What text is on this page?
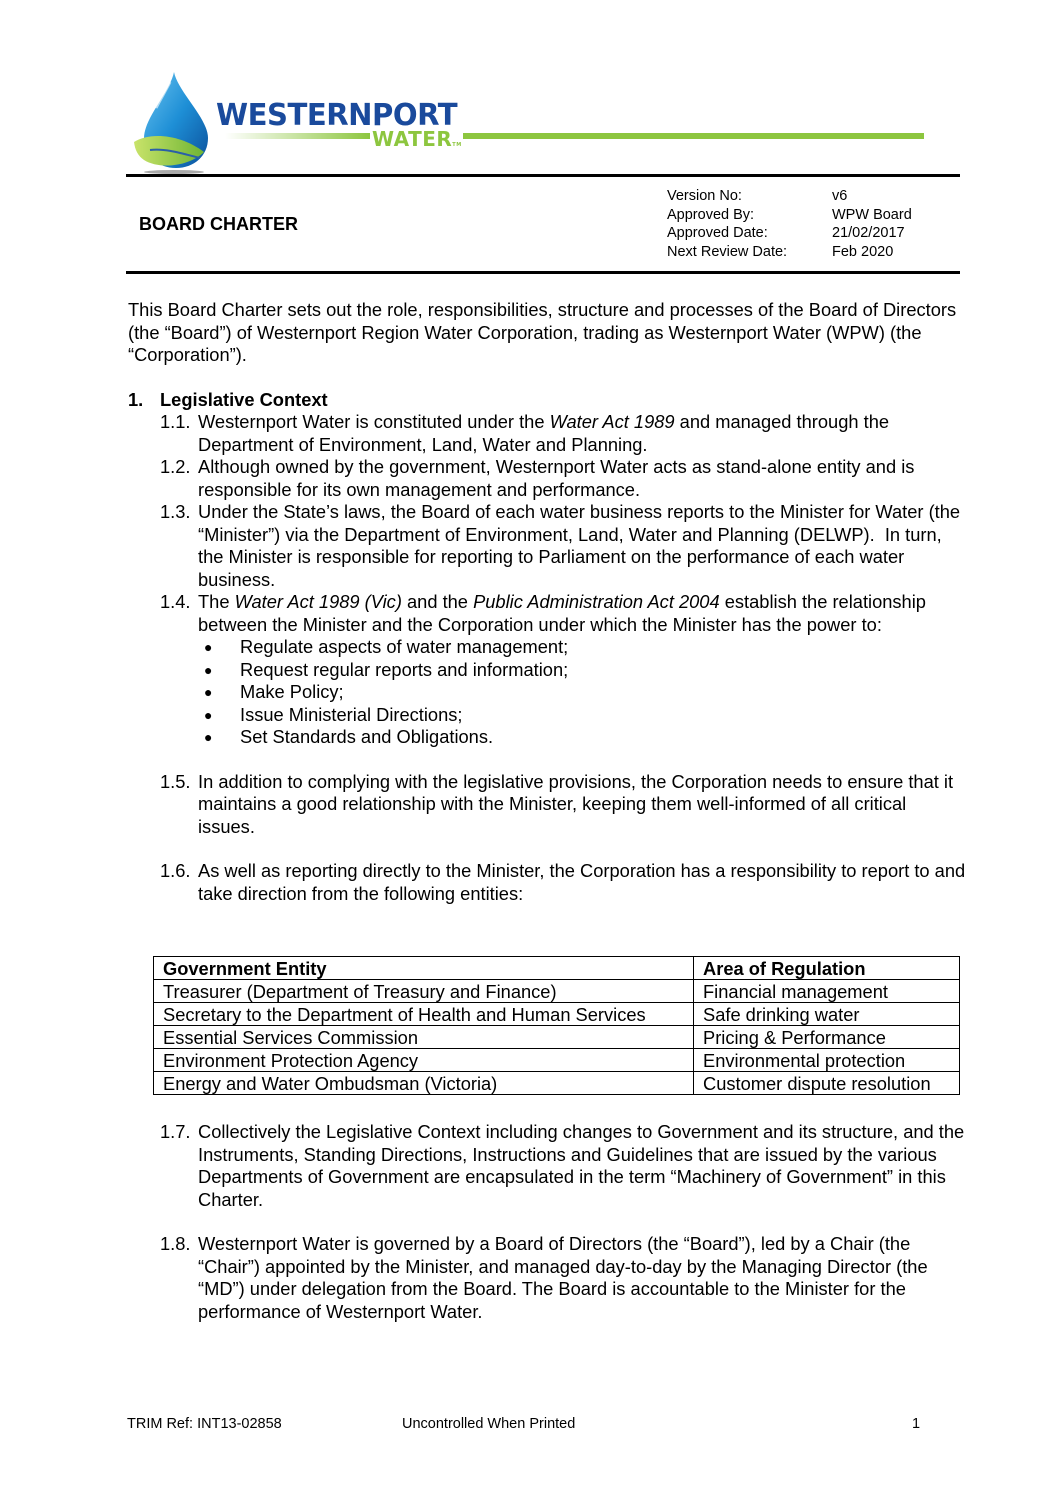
WESTERNPORT
WATERTM
BOARD CHARTER
Version No:	v6
Approved By:	WPW Board
Approved Date:	21/02/2017
Next Review Date:	Feb 2020

This Board Charter sets out the role, responsibilities, structure and processes of the Board of Directors (the “Board”) of Westernport Region Water Corporation, trading as Westernport Water (WPW) (the “Corporation”).

1. Legislative Context
1.1. Westernport Water is constituted under the Water Act 1989 and managed through the Department of Environment, Land, Water and Planning.
1.2. Although owned by the government, Westernport Water acts as stand-alone entity and is responsible for its own management and performance.
1.3. Under the State’s laws, the Board of each water business reports to the Minister for Water (the “Minister”) via the Department of Environment, Land, Water and Planning (DELWP).  In turn, the Minister is responsible for reporting to Parliament on the performance of each water business.
1.4. The Water Act 1989 (Vic) and the Public Administration Act 2004 establish the relationship between the Minister and the Corporation under which the Minister has the power to:
●	Regulate aspects of water management;
●	Request regular reports and information;
●	Make Policy;
●	Issue Ministerial Directions;
●	Set Standards and Obligations.
1.5. In addition to complying with the legislative provisions, the Corporation needs to ensure that it maintains a good relationship with the Minister, keeping them well-informed of all critical issues.
1.6. As well as reporting directly to the Minister, the Corporation has a responsibility to report to and take direction from the following entities:
Government Entity	Area of Regulation
Treasurer (Department of Treasury and Finance)	Financial management
Secretary to the Department of Health and Human Services	Safe drinking water
Essential Services Commission	Pricing & Performance
Environment Protection Agency	Environmental protection
Energy and Water Ombudsman (Victoria)	Customer dispute resolution
1.7. Collectively the Legislative Context including changes to Government and its structure, and the Instruments, Standing Directions, Instructions and Guidelines that are issued by the various Departments of Government are encapsulated in the term “Machinery of Government” in this Charter.
1.8. Westernport Water is governed by a Board of Directors (the “Board”), led by a Chair (the “Chair”) appointed by the Minister, and managed day-to-day by the Managing Director (the “MD”) under delegation from the Board. The Board is accountable to the Minister for the performance of Westernport Water.
TRIM Ref: INT13-02858	Uncontrolled When Printed	1
